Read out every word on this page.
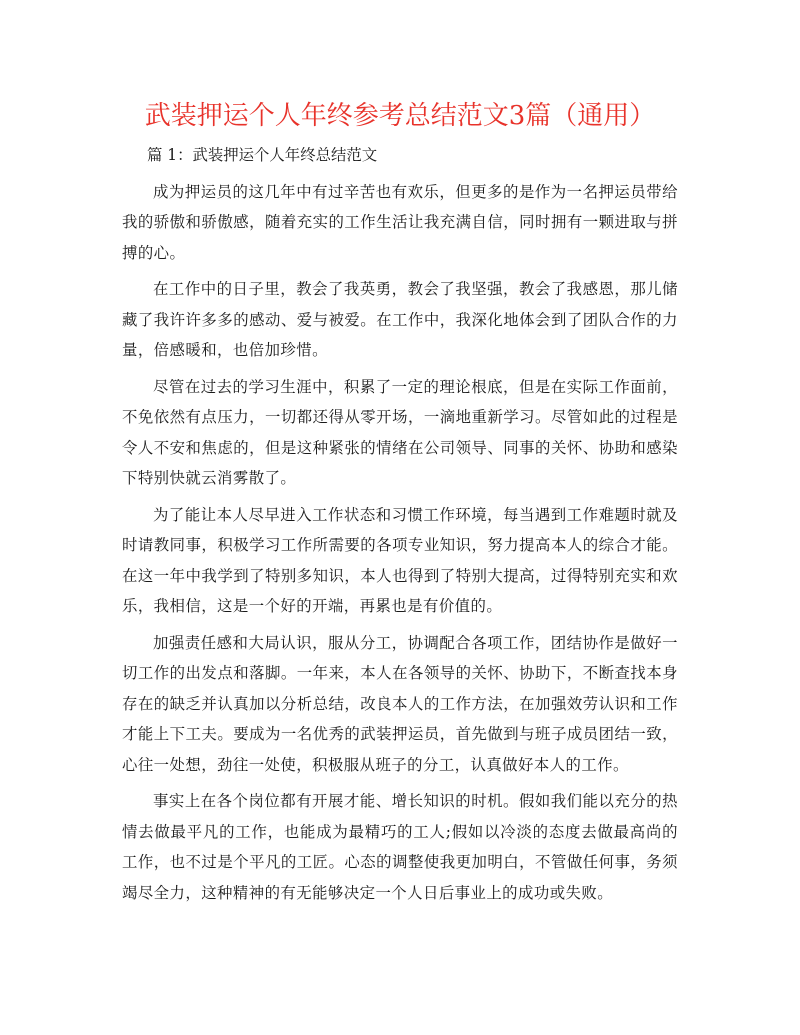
武装押运个人年终参考总结范文3篇（通用）

篇 1：武装押运个人年终总结范文

成为押运员的这几年中有过辛苦也有欢乐，但更多的是作为一名押运员带给我的骄傲和骄傲感，随着充实的工作生活让我充满自信，同时拥有一颗进取与拼搏的心。

在工作中的日子里，教会了我英勇，教会了我坚强，教会了我感恩，那儿储藏了我许许多多的感动、爱与被爱。在工作中，我深化地体会到了团队合作的力量，倍感暖和，也倍加珍惜。

尽管在过去的学习生涯中，积累了一定的理论根底，但是在实际工作面前，不免依然有点压力，一切都还得从零开场，一滴地重新学习。尽管如此的过程是令人不安和焦虑的，但是这种紧张的情绪在公司领导、同事的关怀、协助和感染下特别快就云消雾散了。

为了能让本人尽早进入工作状态和习惯工作环境，每当遇到工作难题时就及时请教同事，积极学习工作所需要的各项专业知识，努力提高本人的综合才能。在这一年中我学到了特别多知识，本人也得到了特别大提高，过得特别充实和欢乐，我相信，这是一个好的开端，再累也是有价值的。

加强责任感和大局认识，服从分工，协调配合各项工作，团结协作是做好一切工作的出发点和落脚。一年来，本人在各领导的关怀、协助下，不断查找本身存在的缺乏并认真加以分析总结，改良本人的工作方法，在加强效劳认识和工作才能上下工夫。要成为一名优秀的武装押运员，首先做到与班子成员团结一致，心往一处想，劲往一处使，积极服从班子的分工，认真做好本人的工作。

事实上在各个岗位都有开展才能、增长知识的时机。假如我们能以充分的热情去做最平凡的工作，也能成为最精巧的工人;假如以冷淡的态度去做最高尚的工作，也不过是个平凡的工匠。心态的调整使我更加明白，不管做任何事，务须竭尽全力，这种精神的有无能够决定一个人日后事业上的成功或失败。
